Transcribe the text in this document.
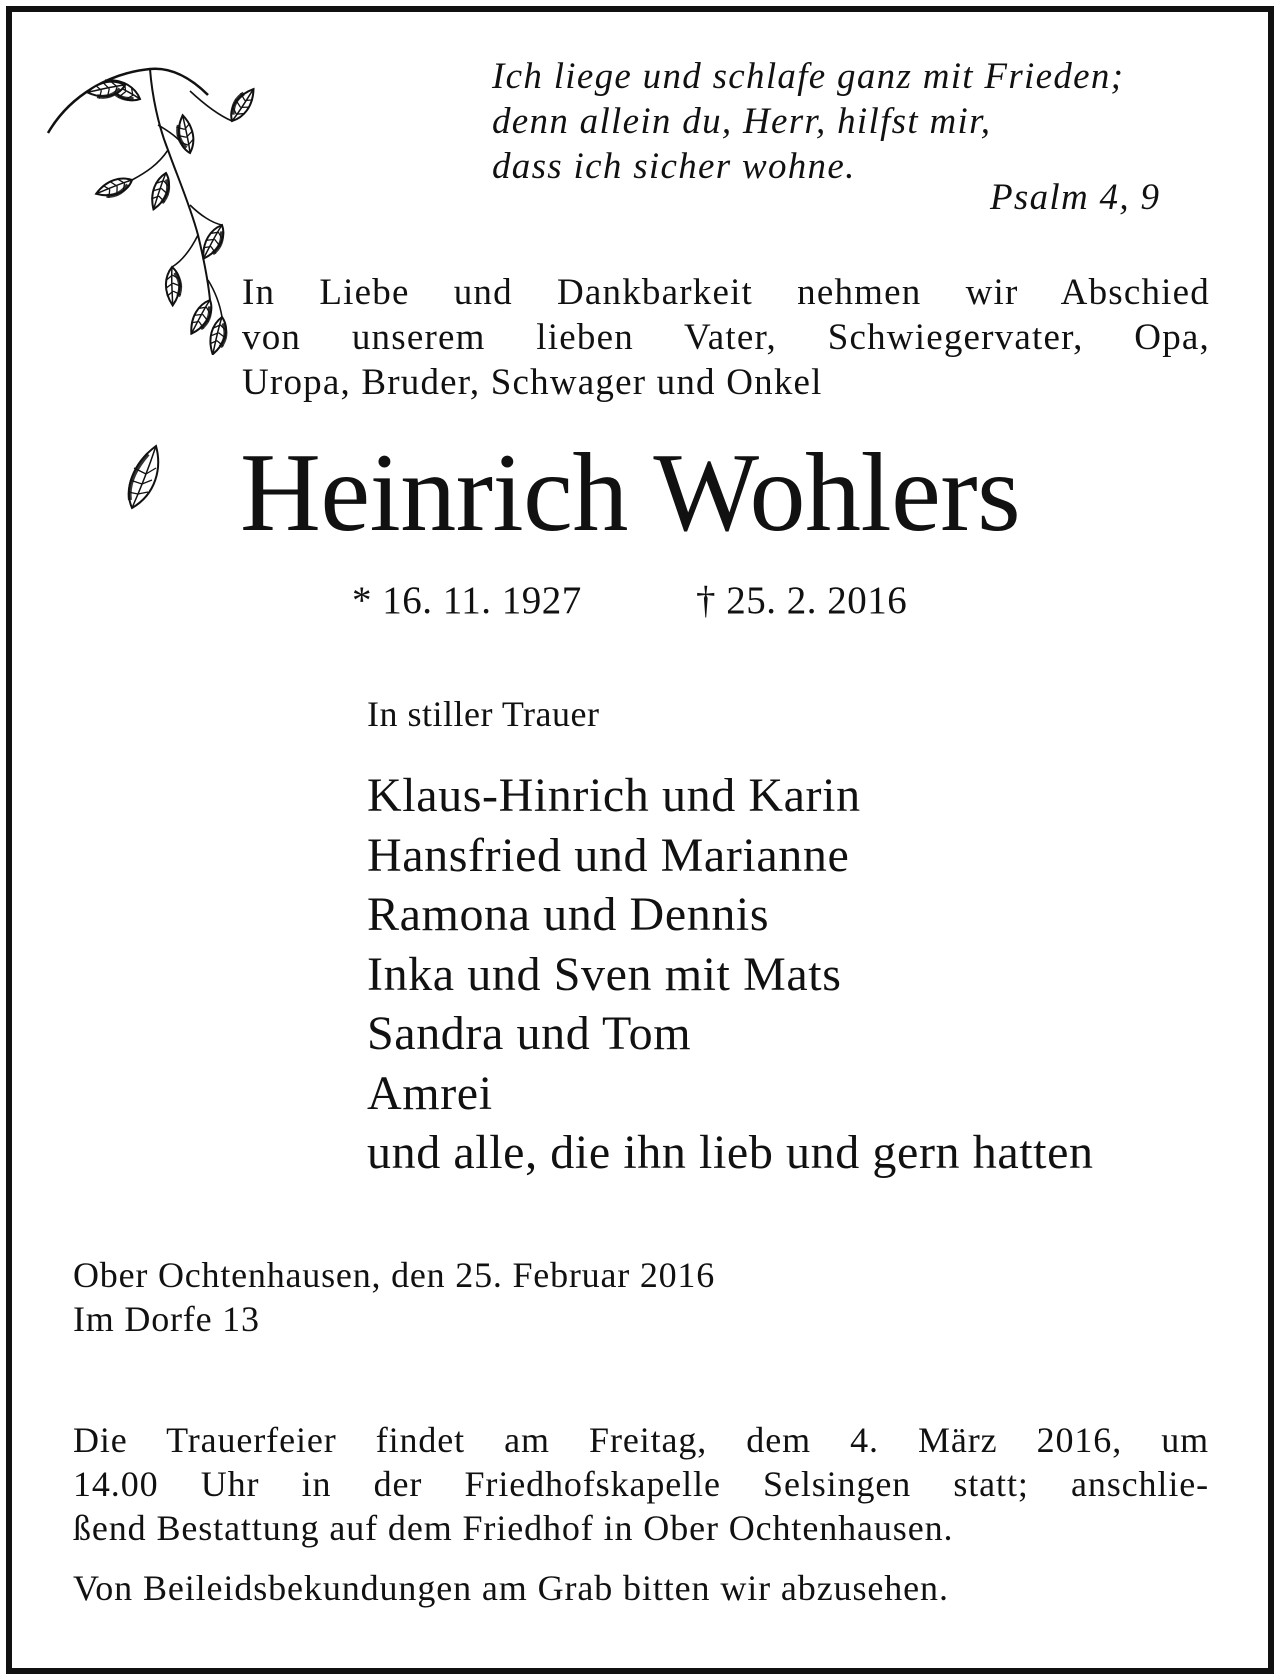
Ich liege und schlafe ganz mit Frieden;
denn allein du, Herr, hilfst mir,
dass ich sicher wohne.
Psalm 4, 9
In Liebe und Dankbarkeit nehmen wir Abschied
von unserem lieben Vater, Schwiegervater, Opa,
Uropa, Bruder, Schwager und Onkel
Heinrich Wohlers
* 16. 11. 1927	† 25. 2. 2016
In stiller Trauer
Klaus-Hinrich und Karin
Hansfried und Marianne
Ramona und Dennis
Inka und Sven mit Mats
Sandra und Tom
Amrei
und alle, die ihn lieb und gern hatten
Ober Ochtenhausen, den 25. Februar 2016
Im Dorfe 13
Die Trauerfeier findet am Freitag, dem 4. März 2016, um
14.00 Uhr in der Friedhofskapelle Selsingen statt; anschlie-
ßend Bestattung auf dem Friedhof in Ober Ochtenhausen.
Von Beileidsbekundungen am Grab bitten wir abzusehen.
